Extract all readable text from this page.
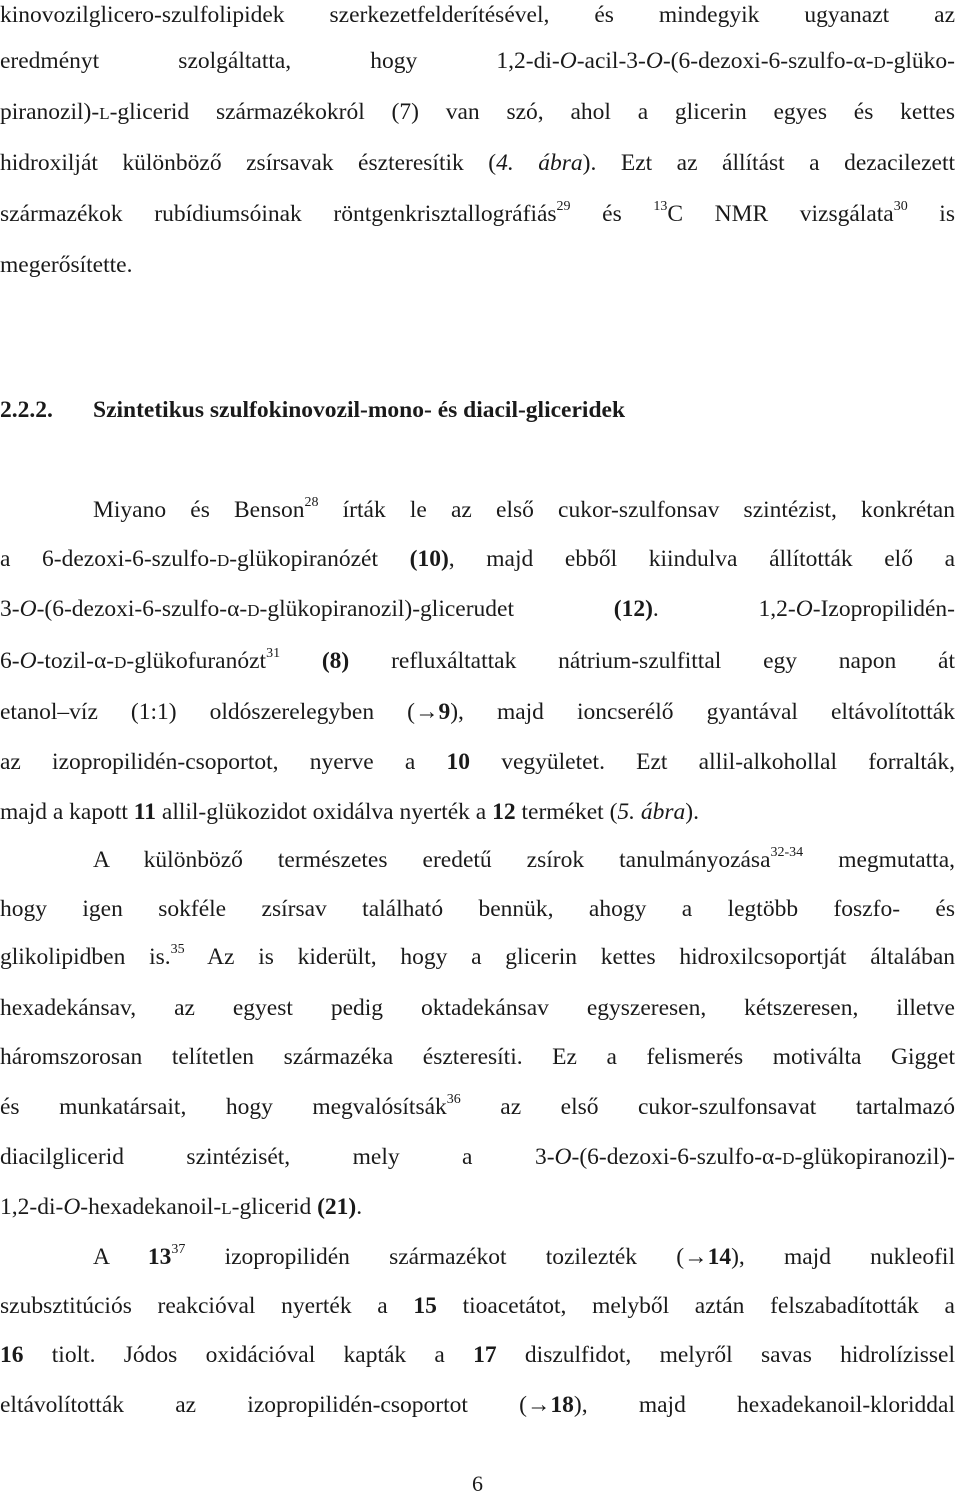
kinovozilglicero-szulfolipidek szerkezetfelderítésével, és mindegyik ugyanazt az
eredményt szolgáltatta, hogy 1,2-di-O-acil-3-O-(6-dezoxi-6-szulfo-α-D-glüko-
piranozil)-L-glicerid származékokról (7) van szó, ahol a glicerin egyes és kettes
hidroxilját különböző zsírsavak észteresítik (4. ábra). Ezt az állítást a dezacilezett
származékok rubídiumsóinak röntgenkrisztallográfiás$^{29}$ és $^{13}$C NMR vizsgálata$^{30}$ is
megerősítette.
2.2.2. Szintetikus szulfokinovozil-mono- és diacil-gliceridek
Miyano és Benson$^{28}$ írták le az első cukor-szulfonsav szintézist, konkrétan
a 6-dezoxi-6-szulfo-D-glükopiranózét (10), majd ebből kiindulva állították elő a
3-O-(6-dezoxi-6-szulfo-α-D-glükopiranozil)-glicerudet (12). 1,2-O-Izopropilidén-
6-O-tozil-α-D-glükofuranózt$^{31}$ (8) refluxáltattak nátrium-szulfittal egy napon át
etanol–víz (1:1) oldószerelegyben (→9), majd ioncserélő gyantával eltávolították
az izopropilidén-csoportot, nyerve a 10 vegyületet. Ezt allil-alkohollal forralták,
majd a kapott 11 allil-glükozidot oxidálva nyerték a 12 terméket (5. ábra).
A különböző természetes eredetű zsírok tanulmányozása$^{32-34}$ megmutatta,
hogy igen sokféle zsírsav található bennük, ahogy a legtöbb foszfo- és
glikolipidben is.$^{35}$ Az is kiderült, hogy a glicerin kettes hidroxilcsoportját általában
hexadekánsav, az egyest pedig oktadekánsav egyszeresen, kétszeresen, illetve
háromszorosan telítetlen származéka észteresíti. Ez a felismerés motiválta Gigget
és munkatársait, hogy megvalósítsák$^{36}$ az első cukor-szulfonsavat tartalmazó
diacilglicerid szintézisét, mely a 3-O-(6-dezoxi-6-szulfo-α-D-glükopiranozil)-
1,2-di-O-hexadekanoil-L-glicerid (21).
A $13^{37}$ izopropilidén származékot tozilezték (→14), majd nukleofil
szubsztitúciós reakcióval nyerték a 15 tioacetátot, melyből aztán felszabadították a
16 tiolt. Jódos oxidációval kapták a 17 diszulfidot, melyről savas hidrolízissel
eltávolították az izopropilidén-csoportot (→18), majd hexadekanoil-kloriddal
6
